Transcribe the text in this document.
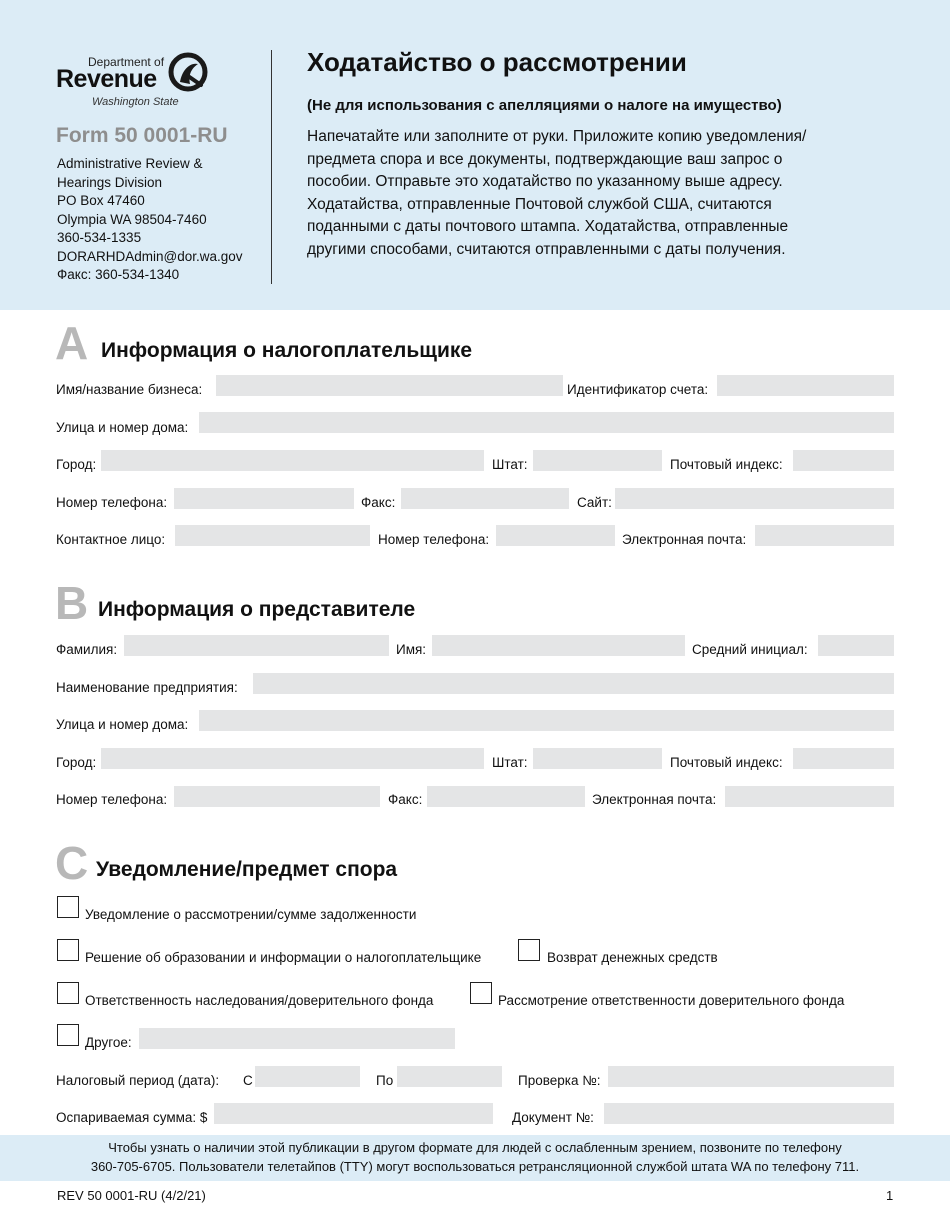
Department of
Revenue
Washington State
Form 50 0001-RU
Administrative Review &
Hearings Division
PO Box 47460
Olympia WA 98504-7460
360-534-1335
DORARHDAdmin@dor.wa.gov
Факс: 360-534-1340
Ходатайство о рассмотрении
(Не для использования с апелляциями о налоге на имущество)
Напечатайте или заполните от руки. Приложите копию уведомления/
предмета спора и все документы, подтверждающие ваш запрос о
пособии. Отправьте это ходатайство по указанному выше адресу.
Ходатайства, отправленные Почтовой службой США, считаются
поданными с даты почтового штампа. Ходатайства, отправленные
другими способами, считаются отправленными с даты получения.
A Информация о налогоплательщике
Имя/название бизнеса:	Идентификатор счета:
Улица и номер дома:
Город:	Штат:	Почтовый индекс:
Номер телефона:	Факс:	Сайт:
Контактное лицо:	Номер телефона:	Электронная почта:
B Информация о представителе
Фамилия:	Имя:	Средний инициал:
Наименование предприятия:
Улица и номер дома:
Город:	Штат:	Почтовый индекс:
Номер телефона:	Факс:	Электронная почта:
C Уведомление/предмет спора
Уведомление о рассмотрении/сумме задолженности
Решение об образовании и информации о налогоплательщике	Возврат денежных средств
Ответственность наследования/доверительного фонда	Рассмотрение ответственности доверительного фонда
Другое:
Налоговый период (дата): С	По	Проверка №:
Оспариваемая сумма: $	Документ №:
Чтобы узнать о наличии этой публикации в другом формате для людей с ослабленным зрением, позвоните по телефону
360-705-6705. Пользователи телетайпов (TTY) могут воспользоваться ретрансляционной службой штата WA по телефону 711.
REV 50 0001-RU (4/2/21)	1
